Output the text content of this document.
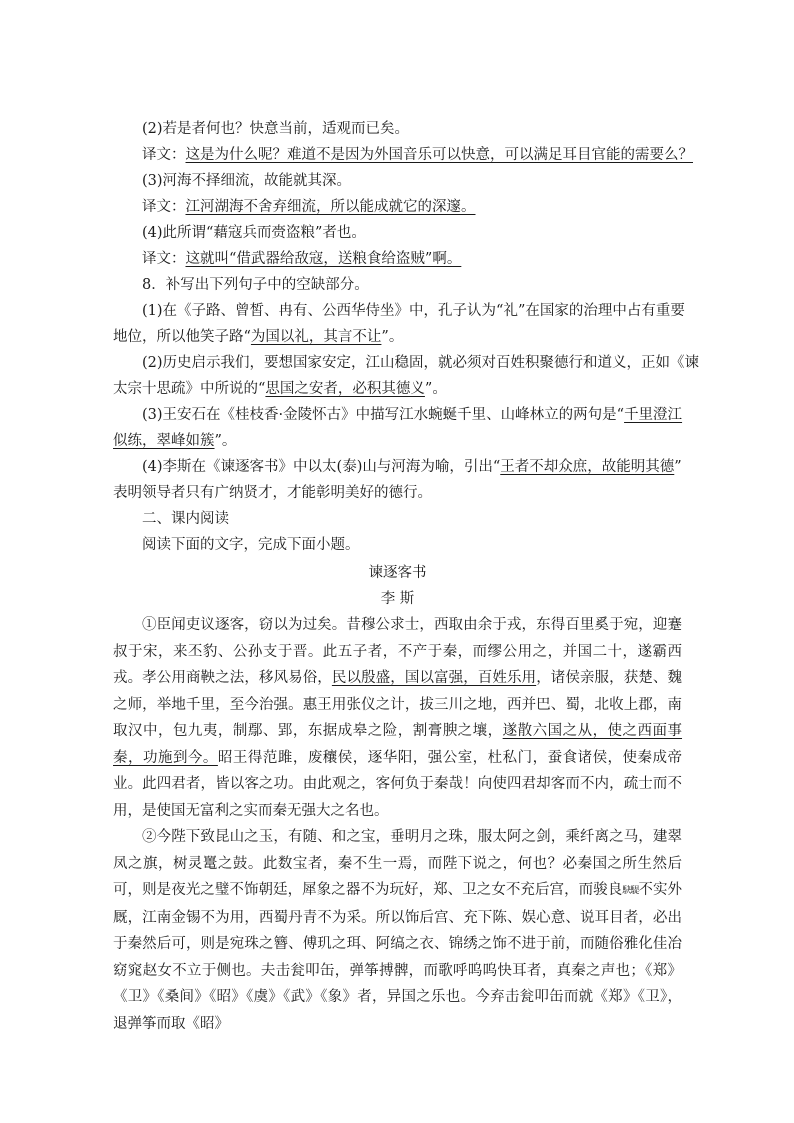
(2)若是者何也？快意当前，适观而已矣。
译文：这是为什么呢？难道不是因为外国音乐可以快意，可以满足耳目官能的需要么？
(3)河海不择细流，故能就其深。
译文：江河湖海不舍弃细流，所以能成就它的深邃。
(4)此所谓“藉寇兵而赍盗粮”者也。
译文：这就叫“借武器给敌寇，送粮食给盗贼”啊。
8．补写出下列句子中的空缺部分。
(1)在《子路、曾皙、冉有、公西华侍坐》中，孔子认为“礼”在国家的治理中占有重要
地位，所以他笑子路“为国以礼，其言不让”。
(2)历史启示我们，要想国家安定，江山稳固，就必须对百姓积聚德行和道义，正如《谏
太宗十思疏》中所说的“思国之安者，必积其德义”。
(3)王安石在《桂枝香·金陵怀古》中描写江水蜿蜒千里、山峰林立的两句是“千里澄江
似练，翠峰如簇”。
(4)李斯在《谏逐客书》中以太(泰)山与河海为喻，引出“王者不却众庶，故能明其德”
表明领导者只有广纳贤才，才能彰明美好的德行。
二、课内阅读
阅读下面的文字，完成下面小题。
谏逐客书
李 斯
①臣闻吏议逐客，窃以为过矣。昔穆公求士，西取由余于戎，东得百里奚于宛，迎蹇叔于宋，来丕豹、公孙支于晋。此五子者，不产于秦，而缪公用之，并国二十，遂霸西戎。孝公用商鞅之法，移风易俗，民以殷盛，国以富强，百姓乐用，诸侯亲服，获楚、魏之师，举地千里，至今治强。惠王用张仪之计，拔三川之地，西并巴、蜀，北收上郡，南取汉中，包九夷，制鄢、郢，东据成皋之险，割膏腴之壤，遂散六国之从，使之西面事秦，功施到今。昭王得范雎，废穰侯，逐华阳，强公室，杜私门，蚕食诸侯，使秦成帝业。此四君者，皆以客之功。由此观之，客何负于秦哉！向使四君却客而不内，疏士而不用，是使国无富利之实而秦无强大之名也。
②今陛下致昆山之玉，有随、和之宝，垂明月之珠，服太阿之剑，乘纤离之马，建翠凤之旗，树灵鼍之鼓。此数宝者，秦不生一焉，而陛下说之，何也？必秦国之所生然后可，则是夜光之璧不饰朝廷，犀象之器不为玩好，郑、卫之女不充后宫，而骏良駃騠不实外厩，江南金锡不为用，西蜀丹青不为采。所以饰后宫、充下陈、娱心意、说耳目者，必出于秦然后可，则是宛珠之簪、傅玑之珥、阿缟之衣、锦绣之饰不进于前，而随俗雅化佳冶窈窕赵女不立于侧也。夫击瓮叩缶，弹筝搏髀，而歌呼呜呜快耳者，真秦之声也；《郑》《卫》《桑间》《昭》《虞》《武》《象》者，异国之乐也。今弃击瓮叩缶而就《郑》《卫》，退弹筝而取《昭》
